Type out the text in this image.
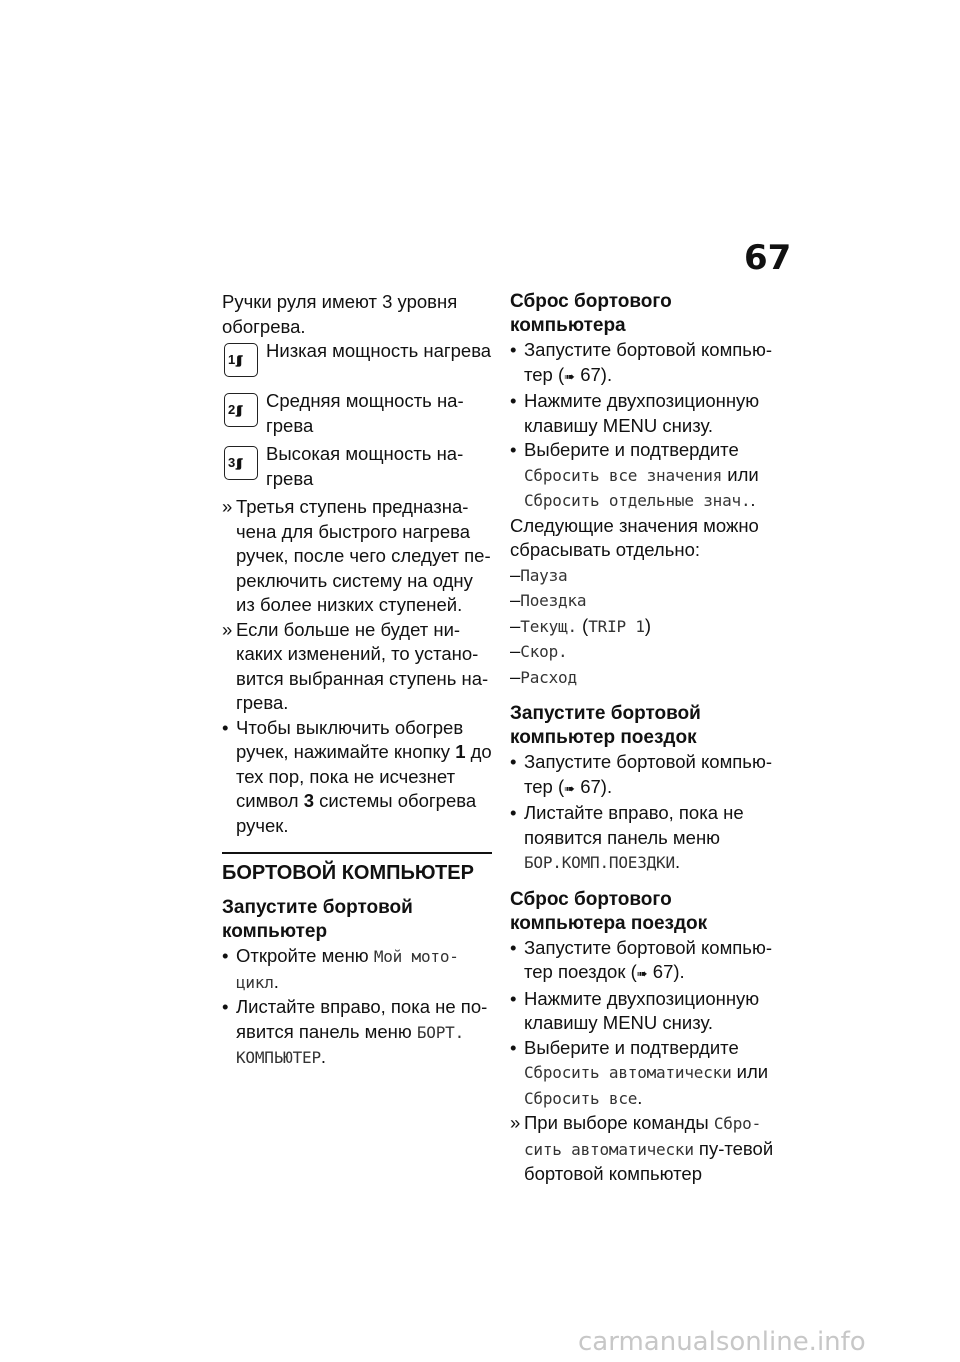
67
Ручки руля имеют 3 уровня обогрева.
1 ∫∫∫ Низкая мощность нагрева
2 ∫∫∫ Средняя мощность на-грева
3 ∫∫∫ Высокая мощность на-грева
» Третья ступень предназна-чена для быстрого нагрева ручек, после чего следует пе-реключить систему на одну из более низких ступеней.
» Если больше не будет ни-каких изменений, то устано-вится выбранная ступень на-грева.
• Чтобы выключить обогрев ручек, нажимайте кнопку 1 до тех пор, пока не исчезнет символ 3 системы обогрева ручек.
БОРТОВОЙ КОМПЬЮТЕР
Запустите бортовой компьютер
• Откройте меню Мой мото-цикл.
• Листайте вправо, пока не по-явится панель меню БОРТ. КОМПЬЮТЕР.
Сброс бортового компьютера
• Запустите бортовой компью-тер (➠ 67).
• Нажмите двухпозиционную клавишу MENU снизу.
• Выберите и подтвердите Сбросить все значения или Сбросить отдельные знач..
Следующие значения можно сбрасывать отдельно:
–Пауза
–Поездка
–Текущ. (TRIP 1)
–Скор.
–Расход
Запустите бортовой компьютер поездок
• Запустите бортовой компью-тер (➠ 67).
• Листайте вправо, пока не появится панель меню БОР.КОМП.ПОЕЗДКИ.
Сброс бортового компьютера поездок
• Запустите бортовой компью-тер поездок (➠ 67).
• Нажмите двухпозиционную клавишу MENU снизу.
• Выберите и подтвердите Сбросить автоматически или Сбросить все.
» При выборе команды Сбро-сить автоматически пу-тевой бортовой компьютер
carmanualsonline.info
